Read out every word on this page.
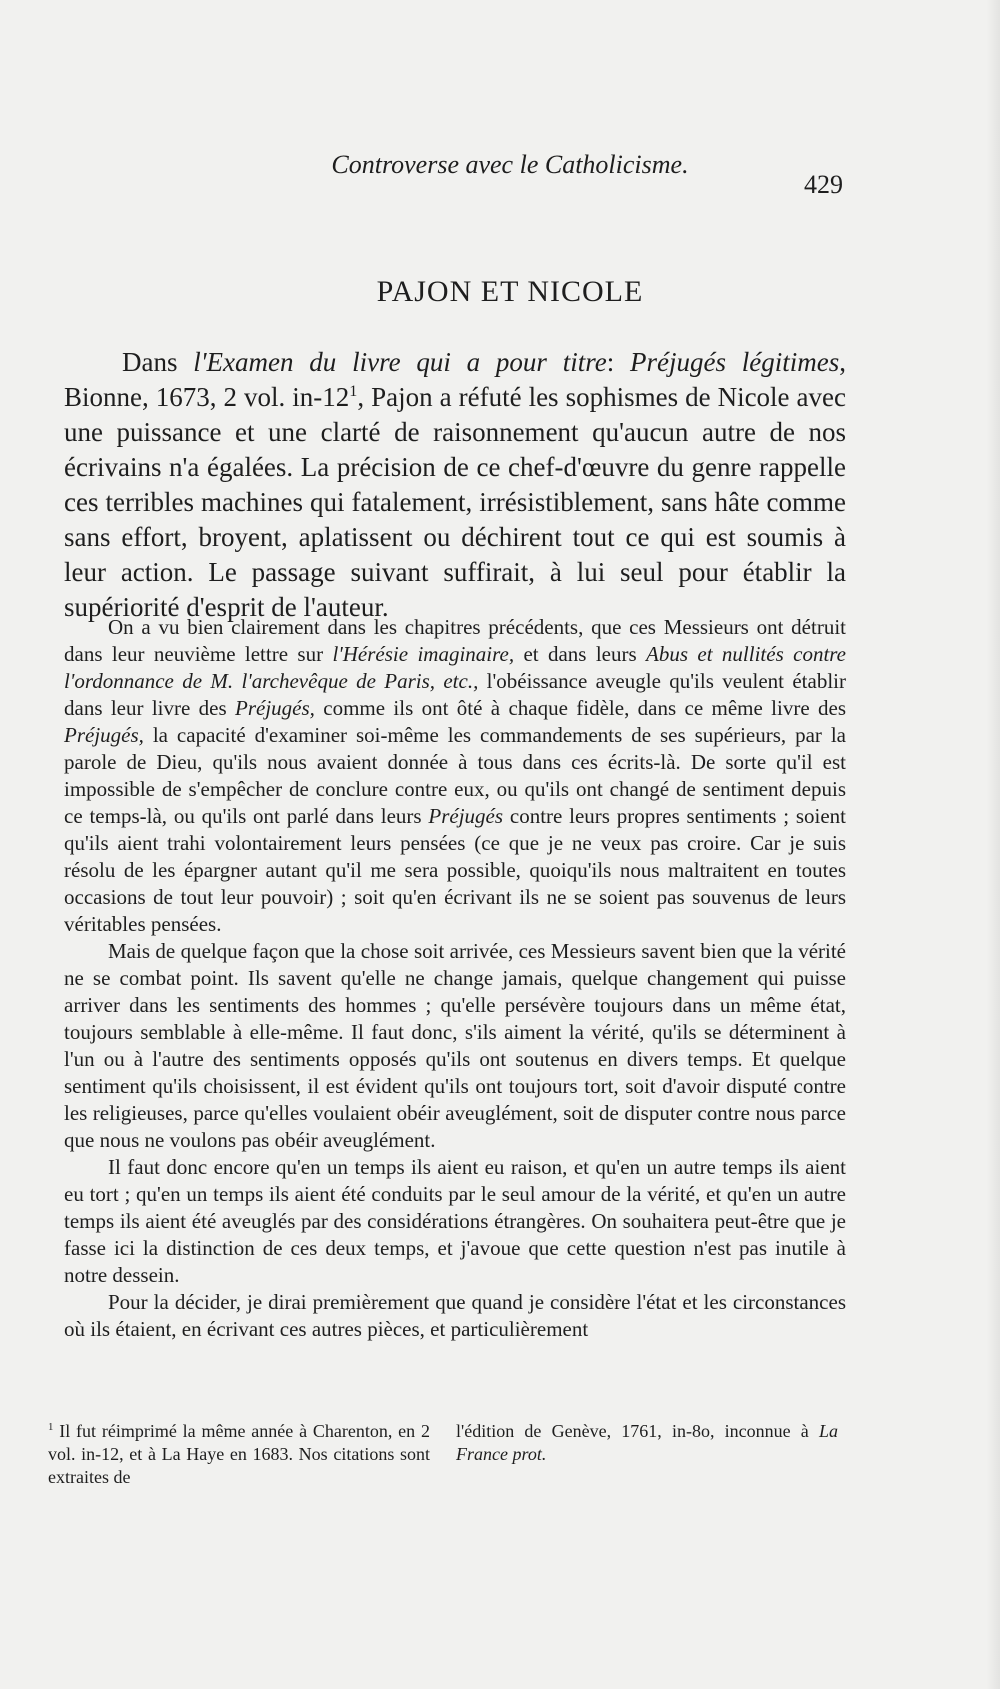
Controverse avec le Catholicisme.
429
PAJON ET NICOLE

Dans l'Examen du livre qui a pour titre: Préjugés légitimes, Bionne, 1673, 2 vol. $in-12^1$, Pajon a réfuté les sophismes de Nicole avec une puissance et une clarté de raisonnement qu'aucun autre de nos écrivains n'a égalées. La précision de ce chef-d'œuvre du genre rappelle ces terribles machines qui fatalement, irrésistiblement, sans hâte comme sans effort, broyent, aplatissent ou déchirent tout ce qui est soumis à leur action. Le passage suivant suffirait, à lui seul pour établir la supériorité d'esprit de l'auteur.

On a vu bien clairement dans les chapitres précédents, que ces Messieurs ont détruit dans leur neuvième lettre sur l'Hérésie imaginaire, et dans leurs Abus et nullités contre l'ordonnance de M. l'archevêque de Paris, etc., l'obéissance aveugle qu'ils veulent établir dans leur livre des Préjugés, comme ils ont ôté à chaque fidèle, dans ce même livre des Préjugés, la capacité d'examiner soi-même les commandements de ses supérieurs, par la parole de Dieu, qu'ils nous avaient donnée à tous dans ces écrits-là. De sorte qu'il est impossible de s'empêcher de conclure contre eux, ou qu'ils ont changé de sentiment depuis ce temps-là, ou qu'ils ont parlé dans leurs Préjugés contre leurs propres sentiments ; soient qu'ils aient trahi volontairement leurs pensées (ce que je ne veux pas croire. Car je suis résolu de les épargner autant qu'il me sera possible, quoiqu'ils nous maltraitent en toutes occasions de tout leur pouvoir) ; soit qu'en écrivant ils ne se soient pas souvenus de leurs véritables pensées.

Mais de quelque façon que la chose soit arrivée, ces Messieurs savent bien que la vérité ne se combat point. Ils savent qu'elle ne change jamais, quelque changement qui puisse arriver dans les sentiments des hommes ; qu'elle persévère toujours dans un même état, toujours semblable à elle-même. Il faut donc, s'ils aiment la vérité, qu'ils se déterminent à l'un ou à l'autre des sentiments opposés qu'ils ont soutenus en divers temps. Et quelque sentiment qu'ils choisissent, il est évident qu'ils ont toujours tort, soit d'avoir disputé contre les religieuses, parce qu'elles voulaient obéir aveuglément, soit de disputer contre nous parce que nous ne voulons pas obéir aveuglément.

Il faut donc encore qu'en un temps ils aient eu raison, et qu'en un autre temps ils aient eu tort ; qu'en un temps ils aient été conduits par le seul amour de la vérité, et qu'en un autre temps ils aient été aveuglés par des considérations étrangères. On souhaitera peut-être que je fasse ici la distinction de ces deux temps, et j'avoue que cette question n'est pas inutile à notre dessein.

Pour la décider, je dirai premièrement que quand je considère l'état et les circonstances où ils étaient, en écrivant ces autres pièces, et particulièrement

$^1$ Il fut réimprimé la même année à Charenton, en 2 vol. in-12, et à La Haye en 1683. Nos citations sont extraites de

l'édition de Genève, 1761, in-8o, inconnue à La France prot.
